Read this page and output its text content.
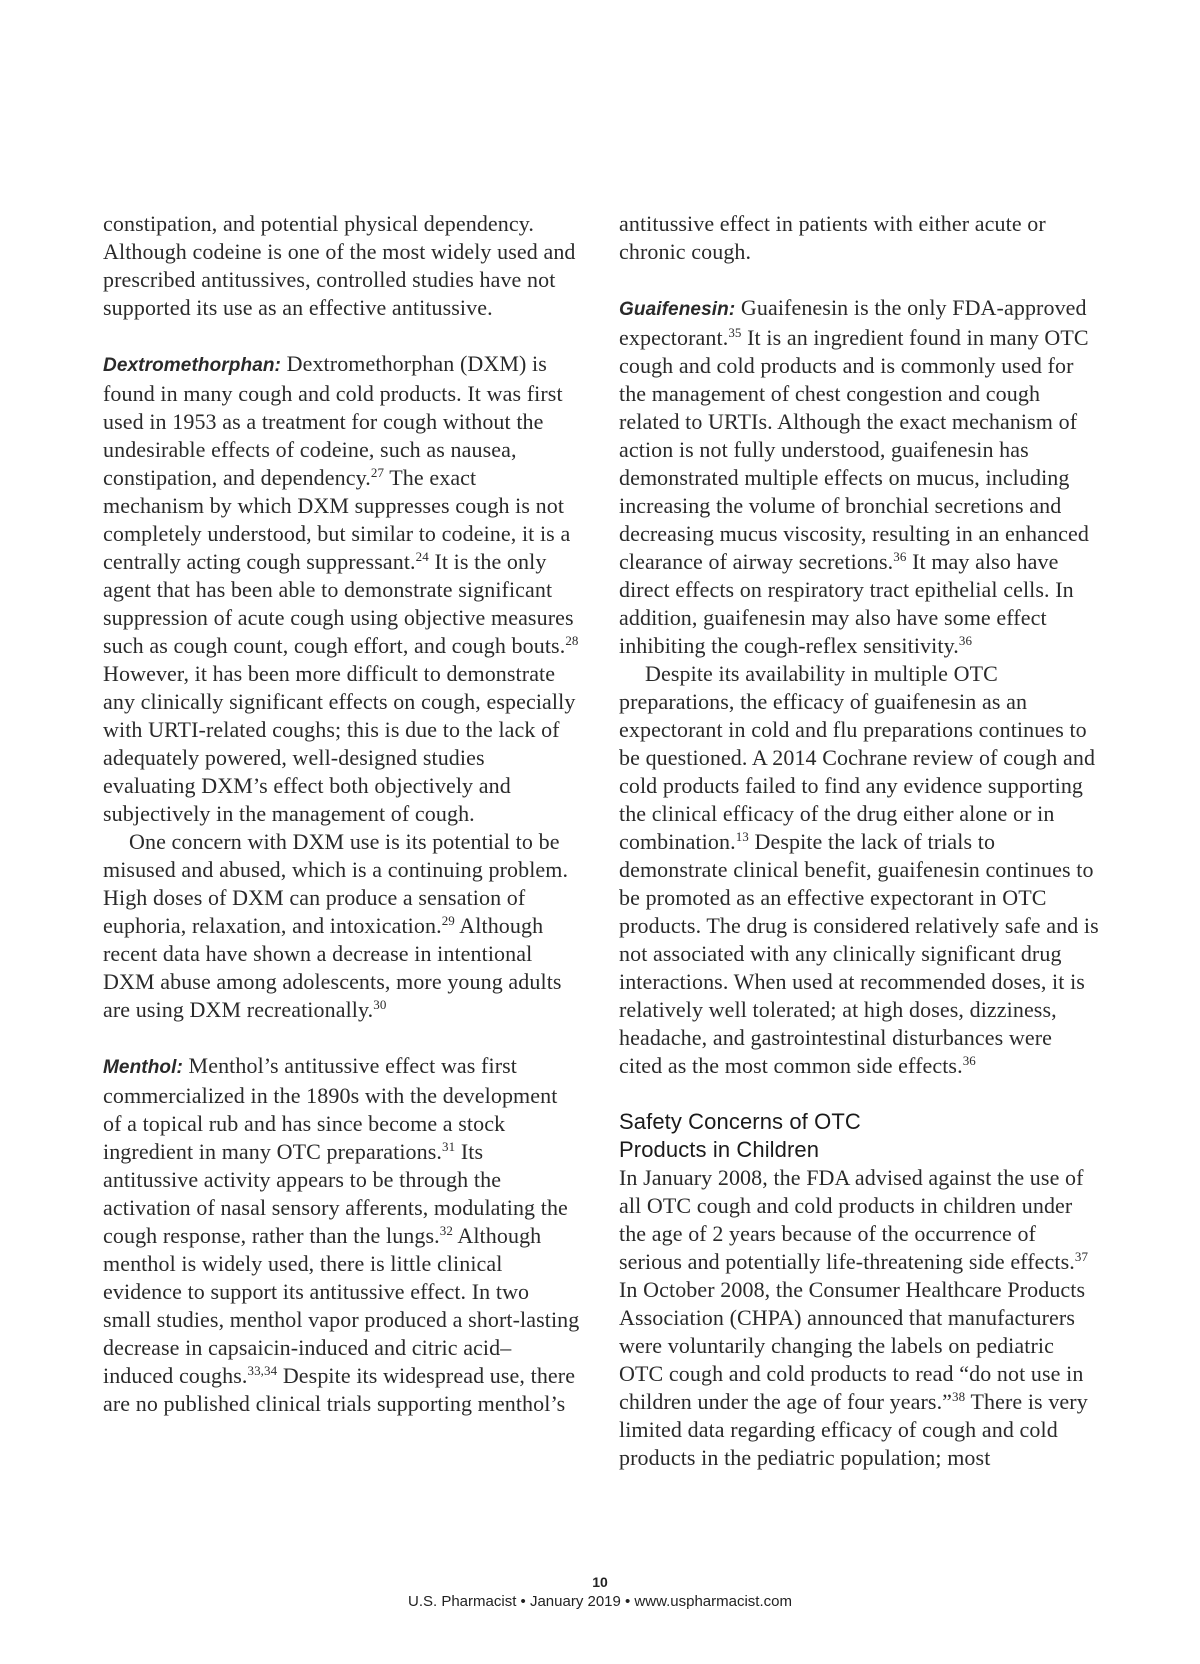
constipation, and potential physical dependency. Although codeine is one of the most widely used and prescribed antitussives, controlled studies have not supported its use as an effective antitussive.

Dextromethorphan: Dextromethorphan (DXM) is found in many cough and cold products. It was first used in 1953 as a treatment for cough without the undesirable effects of codeine, such as nausea, constipation, and dependency.$^{27}$ The exact mechanism by which DXM suppresses cough is not completely understood, but similar to codeine, it is a centrally acting cough suppressant.$^{24}$ It is the only agent that has been able to demonstrate significant suppression of acute cough using objective measures such as cough count, cough effort, and cough bouts.$^{28}$ However, it has been more difficult to demonstrate any clinically significant effects on cough, especially with URTI-related coughs; this is due to the lack of adequately powered, well-designed studies evaluating DXM’s effect both objectively and subjectively in the management of cough.

One concern with DXM use is its potential to be misused and abused, which is a continuing problem. High doses of DXM can produce a sensation of euphoria, relaxation, and intoxication.$^{29}$ Although recent data have shown a decrease in intentional DXM abuse among adolescents, more young adults are using DXM recreationally.$^{30}$

Menthol: Menthol’s antitussive effect was first commercialized in the 1890s with the development of a topical rub and has since become a stock ingredient in many OTC preparations.$^{31}$ Its antitussive activity appears to be through the activation of nasal sensory afferents, modulating the cough response, rather than the lungs.$^{32}$ Although menthol is widely used, there is little clinical evidence to support its antitussive effect. In two small studies, menthol vapor produced a short-lasting decrease in capsaicin-induced and citric acid–induced coughs.$^{33,34}$ Despite its widespread use, there are no published clinical trials supporting menthol’s

antitussive effect in patients with either acute or chronic cough.

Guaifenesin: Guaifenesin is the only FDA-approved expectorant.$^{35}$ It is an ingredient found in many OTC cough and cold products and is commonly used for the management of chest congestion and cough related to URTIs. Although the exact mechanism of action is not fully understood, guaifenesin has demonstrated multiple effects on mucus, including increasing the volume of bronchial secretions and decreasing mucus viscosity, resulting in an enhanced clearance of airway secretions.$^{36}$ It may also have direct effects on respiratory tract epithelial cells. In addition, guaifenesin may also have some effect inhibiting the cough-reflex sensitivity.$^{36}$

Despite its availability in multiple OTC preparations, the efficacy of guaifenesin as an expectorant in cold and flu preparations continues to be questioned. A 2014 Cochrane review of cough and cold products failed to find any evidence supporting the clinical efficacy of the drug either alone or in combination.$^{13}$ Despite the lack of trials to demonstrate clinical benefit, guaifenesin continues to be promoted as an effective expectorant in OTC products. The drug is considered relatively safe and is not associated with any clinically significant drug interactions. When used at recommended doses, it is relatively well tolerated; at high doses, dizziness, headache, and gastrointestinal disturbances were cited as the most common side effects.$^{36}$

Safety Concerns of OTC
Products in Children

In January 2008, the FDA advised against the use of all OTC cough and cold products in children under the age of 2 years because of the occurrence of serious and potentially life-threatening side effects.$^{37}$ In October 2008, the Consumer Healthcare Products Association (CHPA) announced that manufacturers were voluntarily changing the labels on pediatric OTC cough and cold products to read “do not use in children under the age of four years.”$^{38}$ There is very limited data regarding efficacy of cough and cold products in the pediatric population; most

10
U.S. Pharmacist • January 2019 • www.uspharmacist.com
